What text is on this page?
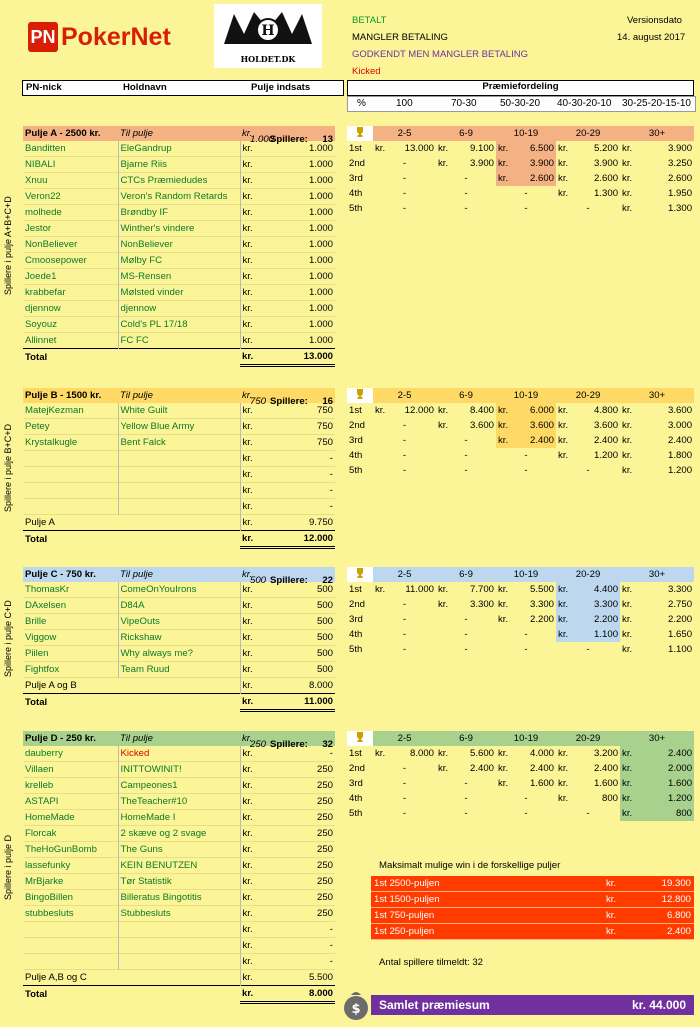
PN PokerNet	H
HOLDET.DK
BETALT
MANGLER BETALING
GODKENDT MEN MANGLER BETALING
Kicked
Versionsdato
14. august 2017
PN-nick	Holdnavn	Pulje indsats	Præmiefordeling
%	100	70-30 50-30-20 40-30-20-10 30-25-20-15-10
Pulje A - 2500 kr.	Til pulje	kr.	1.000
Spillere: 13

Banditten	EleGandrup	kr.	1.000
NIBALI	Bjarne Riis	kr.	1.000
Xnuu	CTCs Præmiedudes	kr.	1.000
Veron22	Veron's Random Retards	kr.	1.000
molhede	Brøndby IF	kr.	1.000
Jestor	Winther's vindere	kr.	1.000
NonBeliever	NonBeliever	kr.	1.000
Cmoosepower	Mølby FC	kr.	1.000
Joede1	MS-Rensen	kr.	1.000
krabbefar	Mølsted vinder	kr.	1.000
djennow	djennow	kr.	1.000
Soyouz	Cold's PL 17/18	kr.	1.000
Allinnet	FC FC	kr.	1.000
Total		kr.	13.000
Spillere i pulje A+B+C+D
	2-5		6-9		10-19		20-29		30+	
1st	kr.	13.000	kr.	9.100	kr.	6.500	kr.	5.200	kr.	3.900
2nd	-		kr.	3.900	kr.	3.900	kr.	3.900	kr.	3.250
3rd	-		-		kr.	2.600	kr.	2.600	kr.	2.600
4th	-		-		-		kr.	1.300	kr.	1.950
5th	-		-		-		-		kr.	1.300
Pulje B - 1500 kr.	Til pulje	kr.	750 Spillere: 16

MatejKezman	White Guilt	kr.	750
Petey	Yellow Blue Army	kr.	750
Krystalkugle	Bent Falck	kr.	750
		kr.	-
		kr.	-
		kr.	-
		kr.	-
Pulje A		kr.	9.750
Total		kr.	12.000
Spillere i pulje B+C+D
	2-5		6-9		10-19		20-29		30+	
1st	kr.	12.000	kr.	8.400	kr.	6.000	kr.	4.800	kr.	3.600
2nd	-		kr.	3.600	kr.	3.600	kr.	3.600	kr.	3.000
3rd	-		-		kr.	2.400	kr.	2.400	kr.	2.400
4th	-		-		-		kr.	1.200	kr.	1.800
5th	-		-		-		-		kr.	1.200
Pulje C - 750 kr.	Til pulje	kr.	500 Spillere: 22

ThomasKr	ComeOnYouIrons	kr.	500
DAxelsen	D84A	kr.	500
Brille	VipeOuts	kr.	500
Viggow	Rickshaw	kr.	500
Piilen	Why always me?	kr.	500
Fightfox	Team Ruud	kr.	500
Pulje A og B		kr.	8.000
Total		kr.	11.000
Spillere i pulje C+D
	2-5		6-9		10-19		20-29		30+	
1st	kr.	11.000	kr.	7.700	kr.	5.500	kr.	4.400	kr.	3.300
2nd	-		kr.	3.300	kr.	3.300	kr.	3.300	kr.	2.750
3rd	-		-		kr.	2.200	kr.	2.200	kr.	2.200
4th	-		-		-		kr.	1.100	kr.	1.650
5th	-		-		-		-		kr.	1.100
Pulje D - 250 kr.	Til pulje	kr.	250 Spillere: 32

dauberry	Kicked	kr.	-
Villaen	INITTOWINIT!	kr.	250
krelleb	Campeones1	kr.	250
ASTAPI	TheTeacher#10	kr.	250
HomeMade	HomeMade I	kr.	250
Florcak	2 skæve og 2 svage	kr.	250
TheHoGunBomb	The Guns	kr.	250
lassefunky	KEIN BENUTZEN	kr.	250
MrBjarke	Tør Statistik	kr.	250
BingoBillen	Billeratus Bingotitis	kr.	250
stubbesluts	Stubbesluts	kr.	250
		kr.	-
		kr.	-
		kr.	-
Pulje A,B og C		kr.	5.500
Total		kr.	8.000
Spillere i pulje D
	2-5		6-9		10-19		20-29		30+	
1st	kr.	8.000	kr.	5.600	kr.	4.000	kr.	3.200	kr.	2.400
2nd	-		kr.	2.400	kr.	2.400	kr.	2.400	kr.	2.000
3rd	-		-		kr.	1.600	kr.	1.600	kr.	1.600
4th	-		-		-		kr.	800	kr.	1.200
5th	-		-		-		-		kr.	800
Maksimalt mulige win i de forskellige puljer
1st 2500-puljen	kr.	19.300
1st 1500-puljen	kr.	12.800
1st 750-puljen	kr.	6.800
1st 250-puljen	kr.	2.400
Antal spillere tilmeldt: 32
$ Samlet præmiesum	kr. 44.000
